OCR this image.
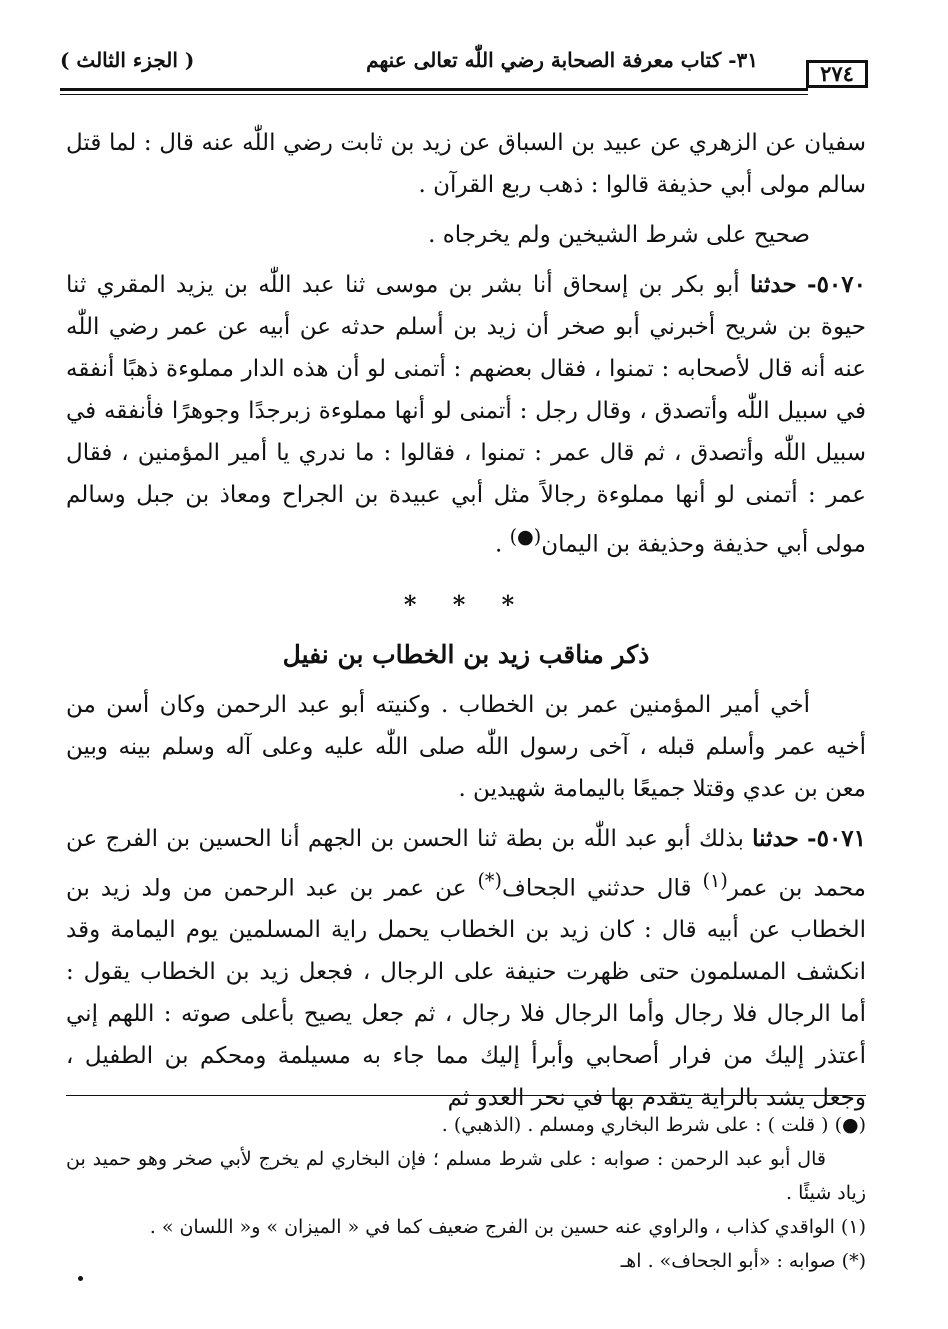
٢٧٤
٣١- كتاب معرفة الصحابة رضي اللّٰه تعالى عنهم
( الجزء الثالث )

سفيان عن الزهري عن عبيد بن السباق عن زيد بن ثابت رضي اللّٰه عنه قال : لما قتل سالم مولى أبي حذيفة قالوا : ذهب ربع القرآن .

صحيح على شرط الشيخين ولم يخرجاه .

٥٠٧٠- حدثنا أبو بكر بن إسحاق أنا بشر بن موسى ثنا عبد اللّٰه بن يزيد المقري ثنا حيوة بن شريح أخبرني أبو صخر أن زيد بن أسلم حدثه عن أبيه عن عمر رضي اللّٰه عنه أنه قال لأصحابه : تمنوا ، فقال بعضهم : أتمنى لو أن هذه الدار مملوءة ذهبًا أنفقه في سبيل اللّٰه وأتصدق ، وقال رجل : أتمنى لو أنها مملوءة زبرجدًا وجوهرًا فأنفقه في سبيل اللّٰه وأتصدق ، ثم قال عمر : تمنوا ، فقالوا : ما ندري يا أمير المؤمنين ، فقال عمر : أتمنى لو أنها مملوءة رجالاً مثل أبي عبيدة بن الجراح ومعاذ بن جبل وسالم مولى أبي حذيفة وحذيفة بن اليمان(●) .

* * *
ذكر مناقب زيد بن الخطاب بن نفيل

أخي أمير المؤمنين عمر بن الخطاب . وكنيته أبو عبد الرحمن وكان أسن من أخيه عمر وأسلم قبله ، آخى رسول اللّٰه صلى اللّٰه عليه وعلى آله وسلم بينه وبين معن بن عدي وقتلا جميعًا باليمامة شهيدين .

٥٠٧١- حدثنا بذلك أبو عبد اللّٰه بن بطة ثنا الحسن بن الجهم أنا الحسين بن الفرج عن محمد بن عمر$^{(١)}$ قال حدثني الجحاف(*) عن عمر بن عبد الرحمن من ولد زيد بن الخطاب عن أبيه قال : كان زيد بن الخطاب يحمل راية المسلمين يوم اليمامة وقد انكشف المسلمون حتى ظهرت حنيفة على الرجال ، فجعل زيد بن الخطاب يقول : أما الرجال فلا رجال وأما الرجال فلا رجال ، ثم جعل يصيح بأعلى صوته : اللهم إني أعتذر إليك من فرار أصحابي وأبرأ إليك مما جاء به مسيلمة ومحكم بن الطفيل ، وجعل يشد بالراية يتقدم بها في نحر العدو ثم

(●) ( قلت ) : على شرط البخاري ومسلم . (الذهبي) .

قال أبو عبد الرحمن : صوابه : على شرط مسلم ؛ فإن البخاري لم يخرج لأبي صخر وهو حميد بن زياد شيئًا .

(١) الواقدي كذاب ، والراوي عنه حسين بن الفرج ضعيف كما في « الميزان » و« اللسان » .

(*) صوابه : «أبو الجحاف» . اهـ
